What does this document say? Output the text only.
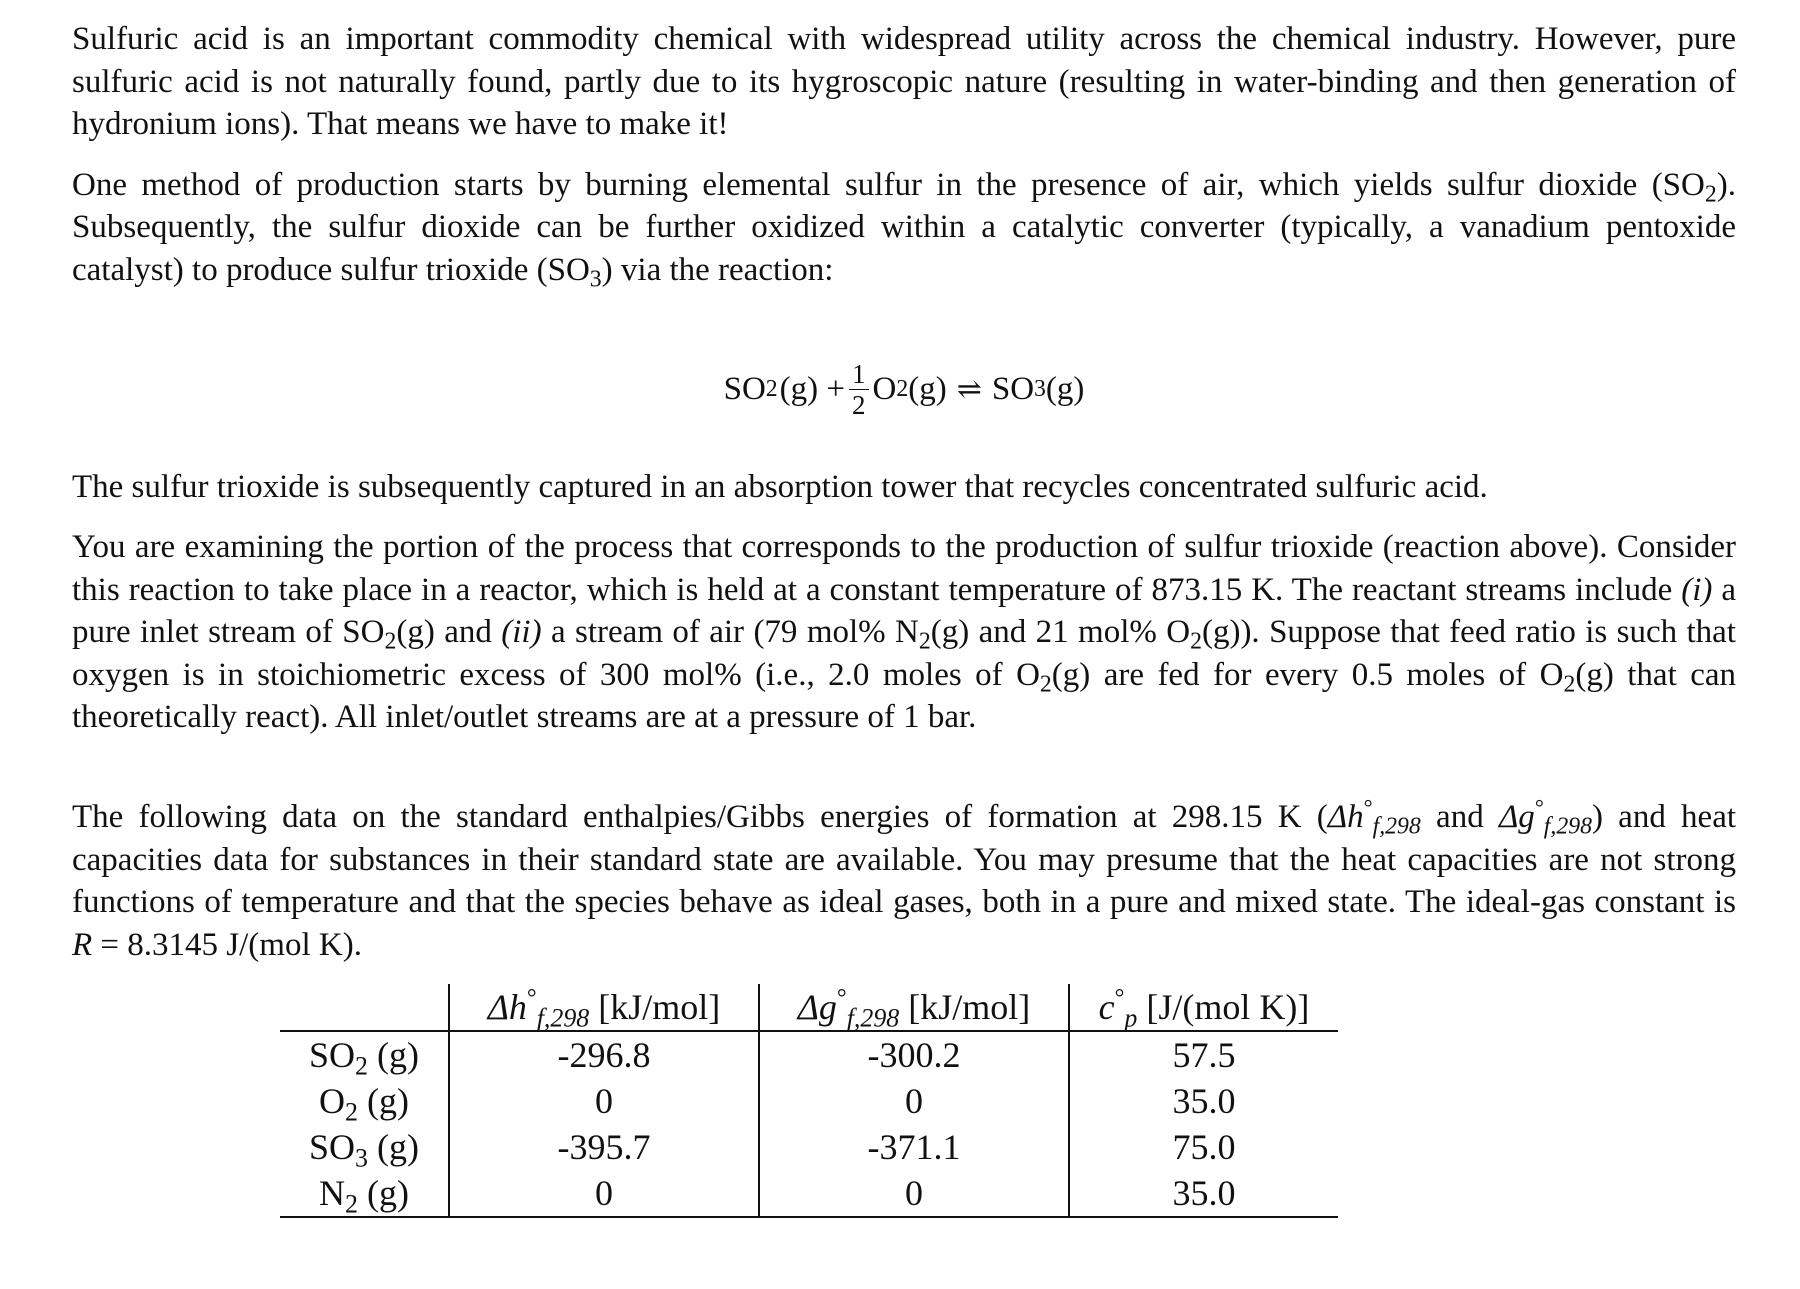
Sulfuric acid is an important commodity chemical with widespread utility across the chemical industry. However, pure sulfuric acid is not naturally found, partly due to its hygroscopic nature (resulting in water-binding and then generation of hydronium ions). That means we have to make it!

One method of production starts by burning elemental sulfur in the presence of air, which yields sulfur dioxide $(SO_2)$. Subsequently, the sulfur dioxide can be further oxidized within a catalytic converter (typically, a vanadium pentoxide catalyst) to produce sulfur trioxide $(SO_3)$ via the reaction:

SO 2 $(g) + \frac{1}{2}$ O 2 (g) ⇌ SO 3 (g)

The sulfur trioxide is subsequently captured in an absorption tower that recycles concentrated sulfuric acid.

You are examining the portion of the process that corresponds to the production of sulfur trioxide (reaction above). Consider this reaction to take place in a reactor, which is held at a constant temperature of 873.15 K. The reactant streams include (i) a pure inlet stream of $SO_2(g)$ and (ii) a stream of air (79 mol% $N_2(g)$ and 21 mol% $O_2(g)$). Suppose that feed ratio is such that oxygen is in stoichiometric excess of 300 mol% (i.e., 2.0 moles of $O_2(g)$ are fed for every 0.5 moles of $O_2(g)$ that can theoretically react). All inlet/outlet streams are at a pressure of 1 bar.

The following data on the standard enthalpies/Gibbs energies of formation at 298.15 K ($\Delta h^\circ_{f,298}$ and $\Delta g^\circ_{f,298}$) and heat capacities data for substances in their standard state are available. You may presume that the heat capacities are not strong functions of temperature and that the species behave as ideal gases, both in a pure and mixed state. The ideal-gas constant is R = 8.3145 J/(mol K).

	$\Delta h^\circ_{f,298}$ [kJ/mol]	$\Delta g^\circ_{f,298}$ [kJ/mol]	$c^\circ_p$ [J/(mol K)]
$SO_2$ (g)	-296.8	-300.2	57.5
$O_2$ (g)	0	0	35.0
$SO_3$ (g)	-395.7	-371.1	75.0
$N_2$ (g)	0	0	35.0
